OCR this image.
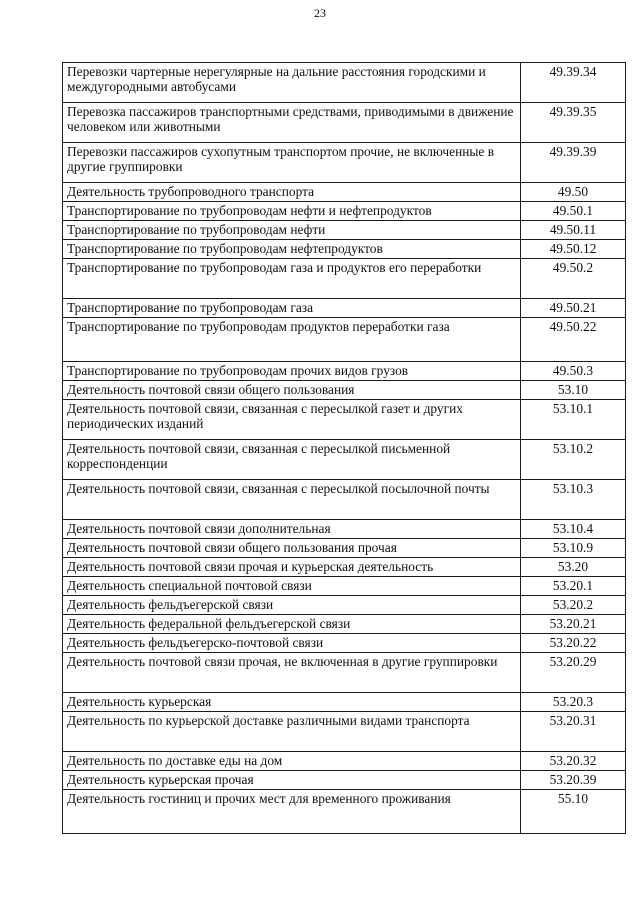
23
Перевозки чартерные нерегулярные на дальние расстояния городскими и междугородными автобусами	49.39.34
Перевозка пассажиров транспортными средствами, приводимыми в движение человеком или животными	49.39.35
Перевозки пассажиров сухопутным транспортом прочие, не включенные в другие группировки	49.39.39
Деятельность трубопроводного транспорта	49.50
Транспортирование по трубопроводам нефти и нефтепродуктов	49.50.1
Транспортирование по трубопроводам нефти	49.50.11
Транспортирование по трубопроводам нефтепродуктов	49.50.12
Транспортирование по трубопроводам газа и продуктов его переработки	49.50.2
Транспортирование по трубопроводам газа	49.50.21
Транспортирование по трубопроводам продуктов переработки газа	49.50.22
Транспортирование по трубопроводам прочих видов грузов	49.50.3
Деятельность почтовой связи общего пользования	53.10
Деятельность почтовой связи, связанная с пересылкой газет и других периодических изданий	53.10.1
Деятельность почтовой связи, связанная с пересылкой письменной корреспонденции	53.10.2
Деятельность почтовой связи, связанная с пересылкой посылочной почты	53.10.3
Деятельность почтовой связи дополнительная	53.10.4
Деятельность почтовой связи общего пользования прочая	53.10.9
Деятельность почтовой связи прочая и курьерская деятельность	53.20
Деятельность специальной почтовой связи	53.20.1
Деятельность фельдъегерской связи	53.20.2
Деятельность федеральной фельдъегерской связи	53.20.21
Деятельность фельдъегерско-почтовой связи	53.20.22
Деятельность почтовой связи прочая, не включенная в другие группировки	53.20.29
Деятельность курьерская	53.20.3
Деятельность по курьерской доставке различными видами транспорта	53.20.31
Деятельность по доставке еды на дом	53.20.32
Деятельность курьерская прочая	53.20.39
Деятельность гостиниц и прочих мест для временного проживания	55.10
